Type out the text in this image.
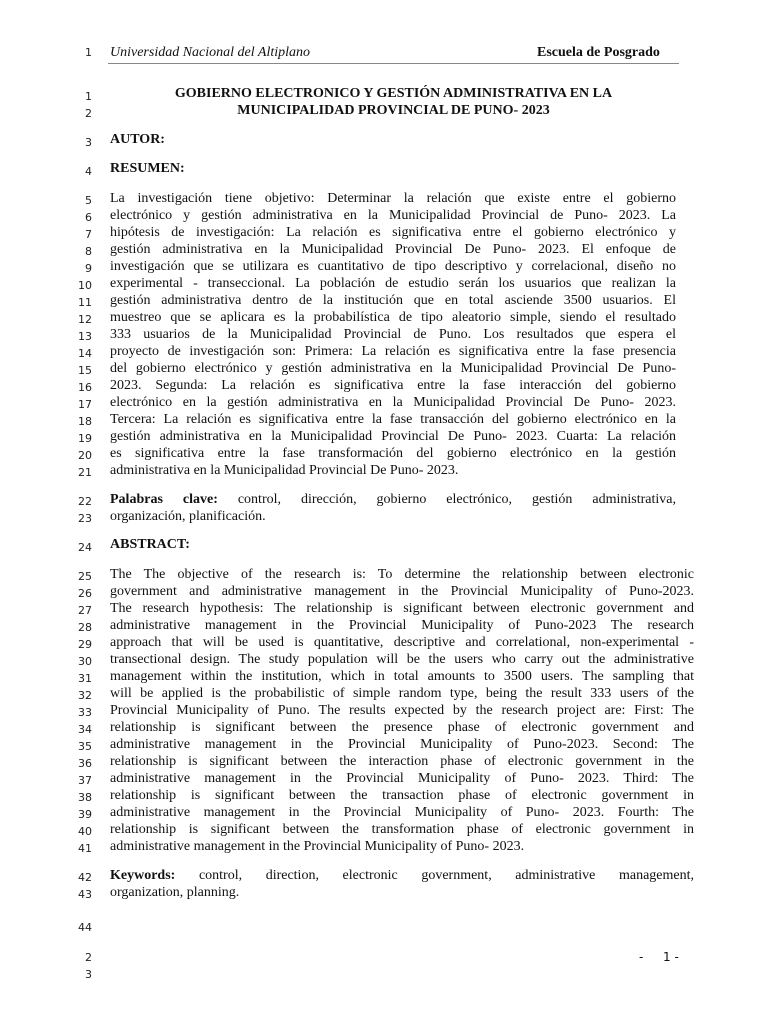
1 Universidad Nacional del Altiplano	Escuela de Posgrado
1
2
GOBIERNO ELECTRONICO Y GESTIÓN ADMINISTRATIVA EN LA
MUNICIPALIDAD PROVINCIAL DE PUNO- 2023
3 AUTOR:
4 RESUMEN:
5 La investigación tiene objetivo: Determinar la relación que existe entre el gobierno
6 electrónico y gestión administrativa en la Municipalidad Provincial de Puno- 2023. La
7 hipótesis de investigación: La relación es significativa entre el gobierno electrónico y
8 gestión administrativa en la Municipalidad Provincial De Puno- 2023. El enfoque de
9 investigación que se utilizara es cuantitativo de tipo descriptivo y correlacional, diseño no
10 experimental - transeccional. La población de estudio serán los usuarios que realizan la
11 gestión administrativa dentro de la institución que en total asciende 3500 usuarios. El
12 muestreo que se aplicara es la probabilística de tipo aleatorio simple, siendo el resultado
13 333 usuarios de la Municipalidad Provincial de Puno. Los resultados que espera el
14 proyecto de investigación son: Primera: La relación es significativa entre la fase presencia
15 del gobierno electrónico y gestión administrativa en la Municipalidad Provincial De Puno-
16 2023. Segunda: La relación es significativa entre la fase interacción del gobierno
17 electrónico en la gestión administrativa en la Municipalidad Provincial De Puno- 2023.
18 Tercera: La relación es significativa entre la fase transacción del gobierno electrónico en la
19 gestión administrativa en la Municipalidad Provincial De Puno- 2023. Cuarta: La relación
20 es significativa entre la fase transformación del gobierno electrónico en la gestión
21 administrativa en la Municipalidad Provincial De Puno- 2023.
22 Palabras clave: control, dirección, gobierno electrónico, gestión administrativa,
23 organización, planificación.
24 ABSTRACT:
25 The The objective of the research is: To determine the relationship between electronic
26 government and administrative management in the Provincial Municipality of Puno-2023.
27 The research hypothesis: The relationship is significant between electronic government and
28 administrative management in the Provincial Municipality of Puno-2023 The research
29 approach that will be used is quantitative, descriptive and correlational, non-experimental -
30 transectional design. The study population will be the users who carry out the administrative
31 management within the institution, which in total amounts to 3500 users. The sampling that
32 will be applied is the probabilistic of simple random type, being the result 333 users of the
33 Provincial Municipality of Puno. The results expected by the research project are: First: The
34 relationship is significant between the presence phase of electronic government and
35 administrative management in the Provincial Municipality of Puno-2023. Second: The
36 relationship is significant between the interaction phase of electronic government in the
37 administrative management in the Provincial Municipality of Puno- 2023. Third: The
38 relationship is significant between the transaction phase of electronic government in
39 administrative management in the Provincial Municipality of Puno- 2023. Fourth: The
40 relationship is significant between the transformation phase of electronic government in
41 administrative management in the Provincial Municipality of Puno- 2023.
42 Keywords: control, direction, electronic government, administrative management,
43 organization, planning.
44
2
3
- 1 -
